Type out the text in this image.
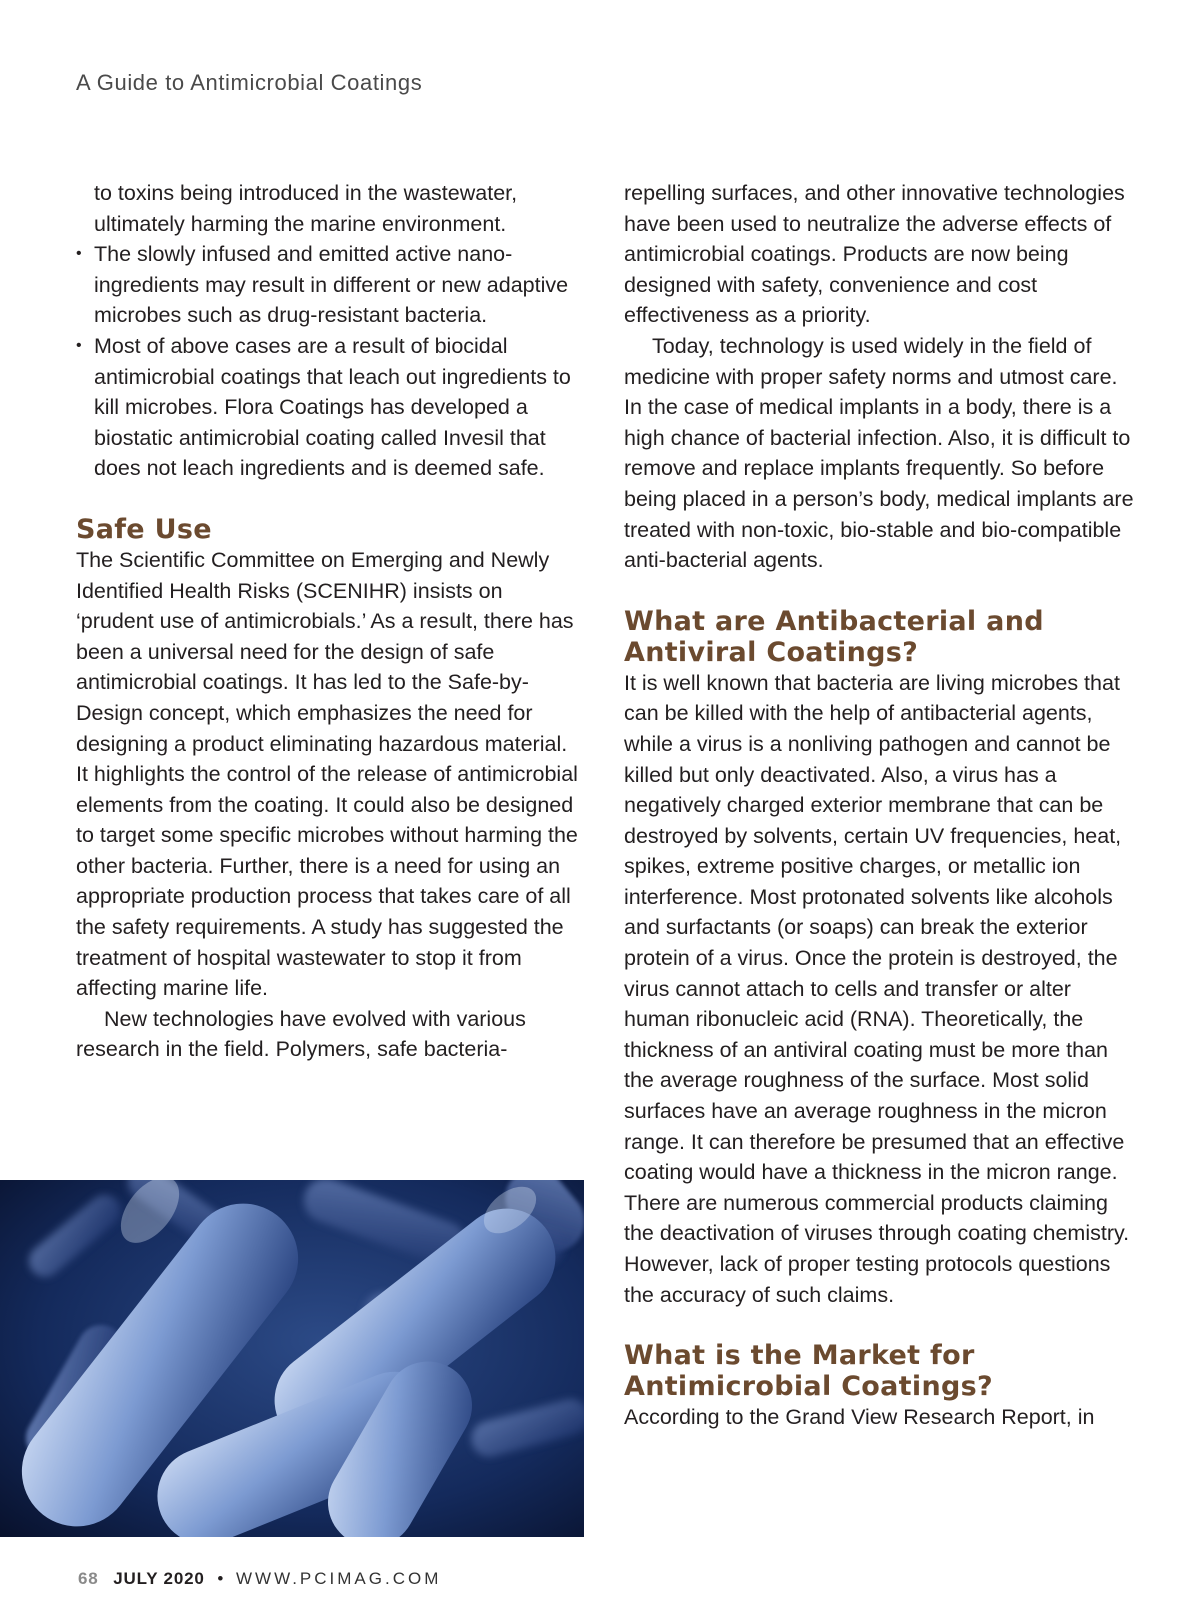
A Guide to Antimicrobial Coatings

to toxins being introduced in the wastewater, ultimately harming the marine environment.

• The slowly infused and emitted active nano-ingredients may result in different or new adaptive microbes such as drug-resistant bacteria.
• Most of above cases are a result of biocidal antimicrobial coatings that leach out ingredients to kill microbes. Flora Coatings has developed a biostatic antimicrobial coating called Invesil that does not leach ingredients and is deemed safe.
Safe Use

The Scientific Committee on Emerging and Newly Identified Health Risks (SCENIHR) insists on ‘prudent use of antimicrobials.’ As a result, there has been a universal need for the design of safe antimicrobial coatings. It has led to the Safe-by-Design concept, which emphasizes the need for designing a product eliminating hazardous material. It highlights the control of the release of antimicrobial elements from the coating. It could also be designed to target some specific microbes without harming the other bacteria. Further, there is a need for using an appropriate production process that takes care of all the safety requirements. A study has suggested the treatment of hospital wastewater to stop it from affecting marine life.

New technologies have evolved with various research in the field. Polymers, safe bacteria-

repelling surfaces, and other innovative technologies have been used to neutralize the adverse effects of antimicrobial coatings. Products are now being designed with safety, convenience and cost effectiveness as a priority.

Today, technology is used widely in the field of medicine with proper safety norms and utmost care. In the case of medical implants in a body, there is a high chance of bacterial infection. Also, it is difficult to remove and replace implants frequently. So before being placed in a person’s body, medical implants are treated with non-toxic, bio-stable and bio-compatible anti-bacterial agents.

What are Antibacterial and Antiviral Coatings?

It is well known that bacteria are living microbes that can be killed with the help of antibacterial agents, while a virus is a nonliving pathogen and cannot be killed but only deactivated. Also, a virus has a negatively charged exterior membrane that can be destroyed by solvents, certain UV frequencies, heat, spikes, extreme positive charges, or metallic ion interference. Most protonated solvents like alcohols and surfactants (or soaps) can break the exterior protein of a virus. Once the protein is destroyed, the virus cannot attach to cells and transfer or alter human ribonucleic acid (RNA). Theoretically, the thickness of an antiviral coating must be more than the average roughness of the surface. Most solid surfaces have an average roughness in the micron range. It can therefore be presumed that an effective coating would have a thickness in the micron range. There are numerous commercial products claiming the deactivation of viruses through coating chemistry. However, lack of proper testing protocols questions the accuracy of such claims.

What is the Market for Antimicrobial Coatings?

According to the Grand View Research Report, in

68 JULY 2020 • WWW.PCIMAG.COM
